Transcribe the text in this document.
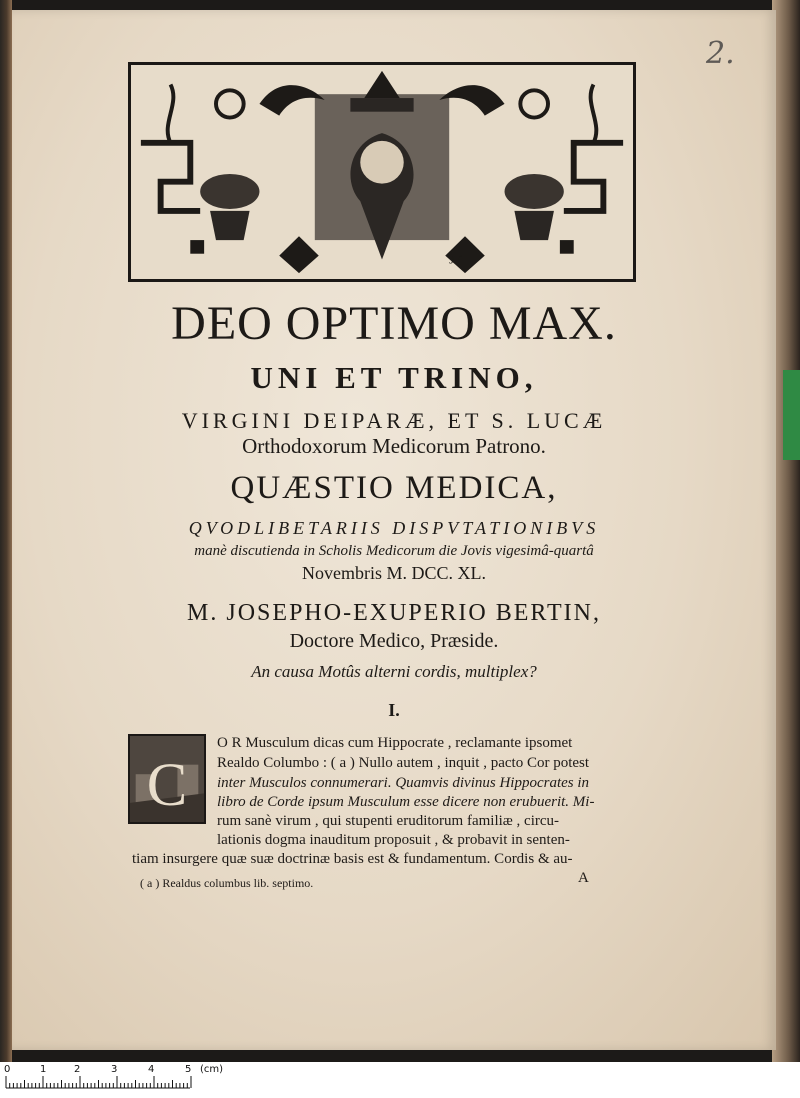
2.
J.f
DEO OPTIMO MAX.
UNI ET TRINO,
VIRGINI DEIPARÆ, ET S. LUCÆ
Orthodoxorum Medicorum Patrono.
QUÆSTIO MEDICA,
QVODLIBETARIIS DISPVTATIONIBVS
manè discutienda in Scholis Medicorum die Jovis vigesimâ-quartâ
Novembris M. DCC. XL.
M. JOSEPHO-EXUPERIO BERTIN,
Doctore Medico, Præside.
An causa Motûs alterni cordis, multiplex?
I.
C
O R Musculum dicas cum Hippocrate , reclamante ipsomet
Realdo Columbo : ( a ) Nullo autem , inquit , pacto Cor potest
inter Musculos connumerari. Quamvis divinus Hippocrates in
libro de Corde ipsum Musculum esse dicere non erubuerit. Mi-
rum sanè virum , qui stupenti eruditorum familiæ , circu-
lationis dogma inauditum proposuit , & probavit in senten-
tiam insurgere quæ suæ doctrinæ basis est & fundamentum. Cordis & au-
( a ) Realdus columbus lib. septimo.	A
0	1	2	3	4	5 (cm)
